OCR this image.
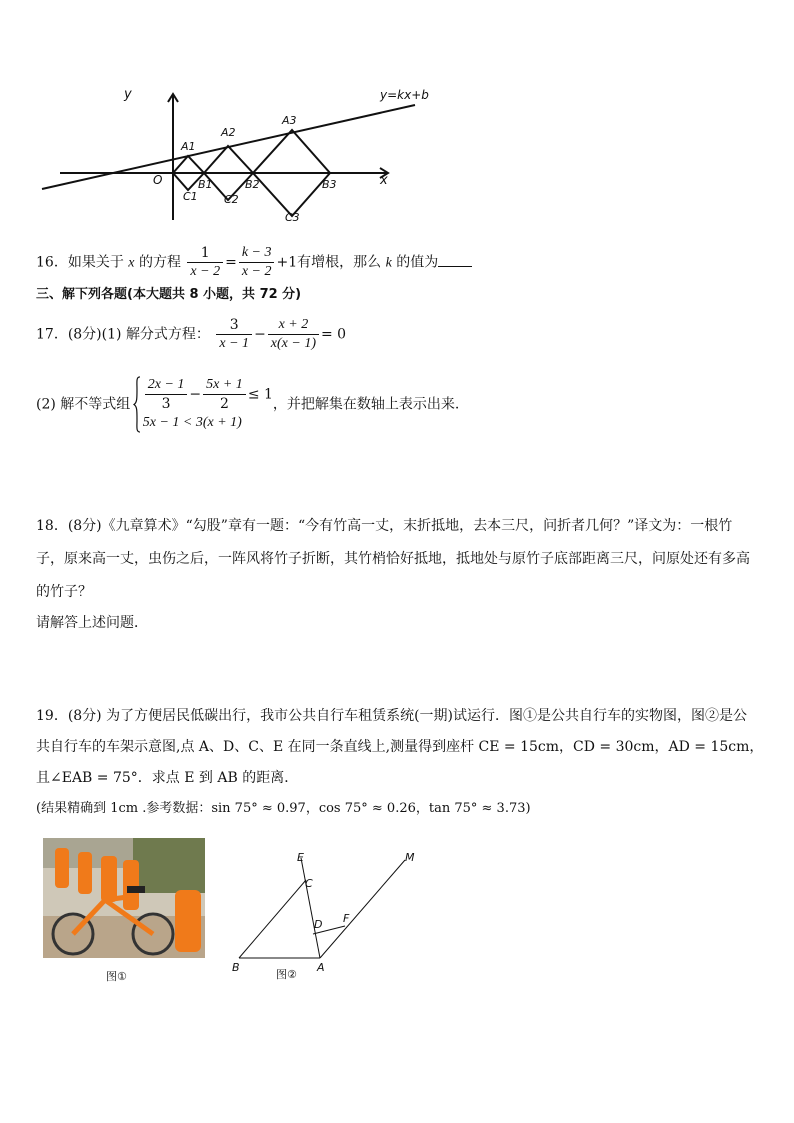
y
x
y=kx+b
O
A1
A2
A3
B1	B2	B3
C1 C2
C3
16．如果关于 x 的方程 $\frac{1}{x - 2} = \frac{k - 3}{x - 2} +1$有增根，那么 k 的值为
三、解下列各题(本大题共 8 小题，共 72 分)
17．(8分)(1) 解分式方程： $\frac{3}{x - 1} - \frac{x + 2}{x(x - 1)} = 0$
(2) 解不等式组 $\frac{2x - 1}{3} - \frac{5x + 1}{2} \le 1$
5x − 1 < 3(x + 1)
，并把解集在数轴上表示出来.
18．(8分)《九章算术》“勾股”章有一题：“今有竹高一丈，末折抵地，去本三尺，问折者几何？”译文为：一根竹
子，原来高一丈，虫伤之后，一阵风将竹子折断，其竹梢恰好抵地，抵地处与原竹子底部距离三尺，问原处还有多高
的竹子？
请解答上述问题．
19．(8分) 为了方便居民低碳出行，我市公共自行车租赁系统(一期)试运行．图①是公共自行车的实物图，图②是公
共自行车的车架示意图,点 A、D、C、E 在同一条直线上,测量得到座杆 CE = 15cm，CD = 30cm，AD = 15cm，
且∠EAB = 75°．求点 E 到 AB 的距离．
(结果精确到 1cm .参考数据：sin 75° ≈ 0.97，cos 75° ≈ 0.26，tan 75° ≈ 3.73)
图①
E
C
M
D F
B	A
图②
